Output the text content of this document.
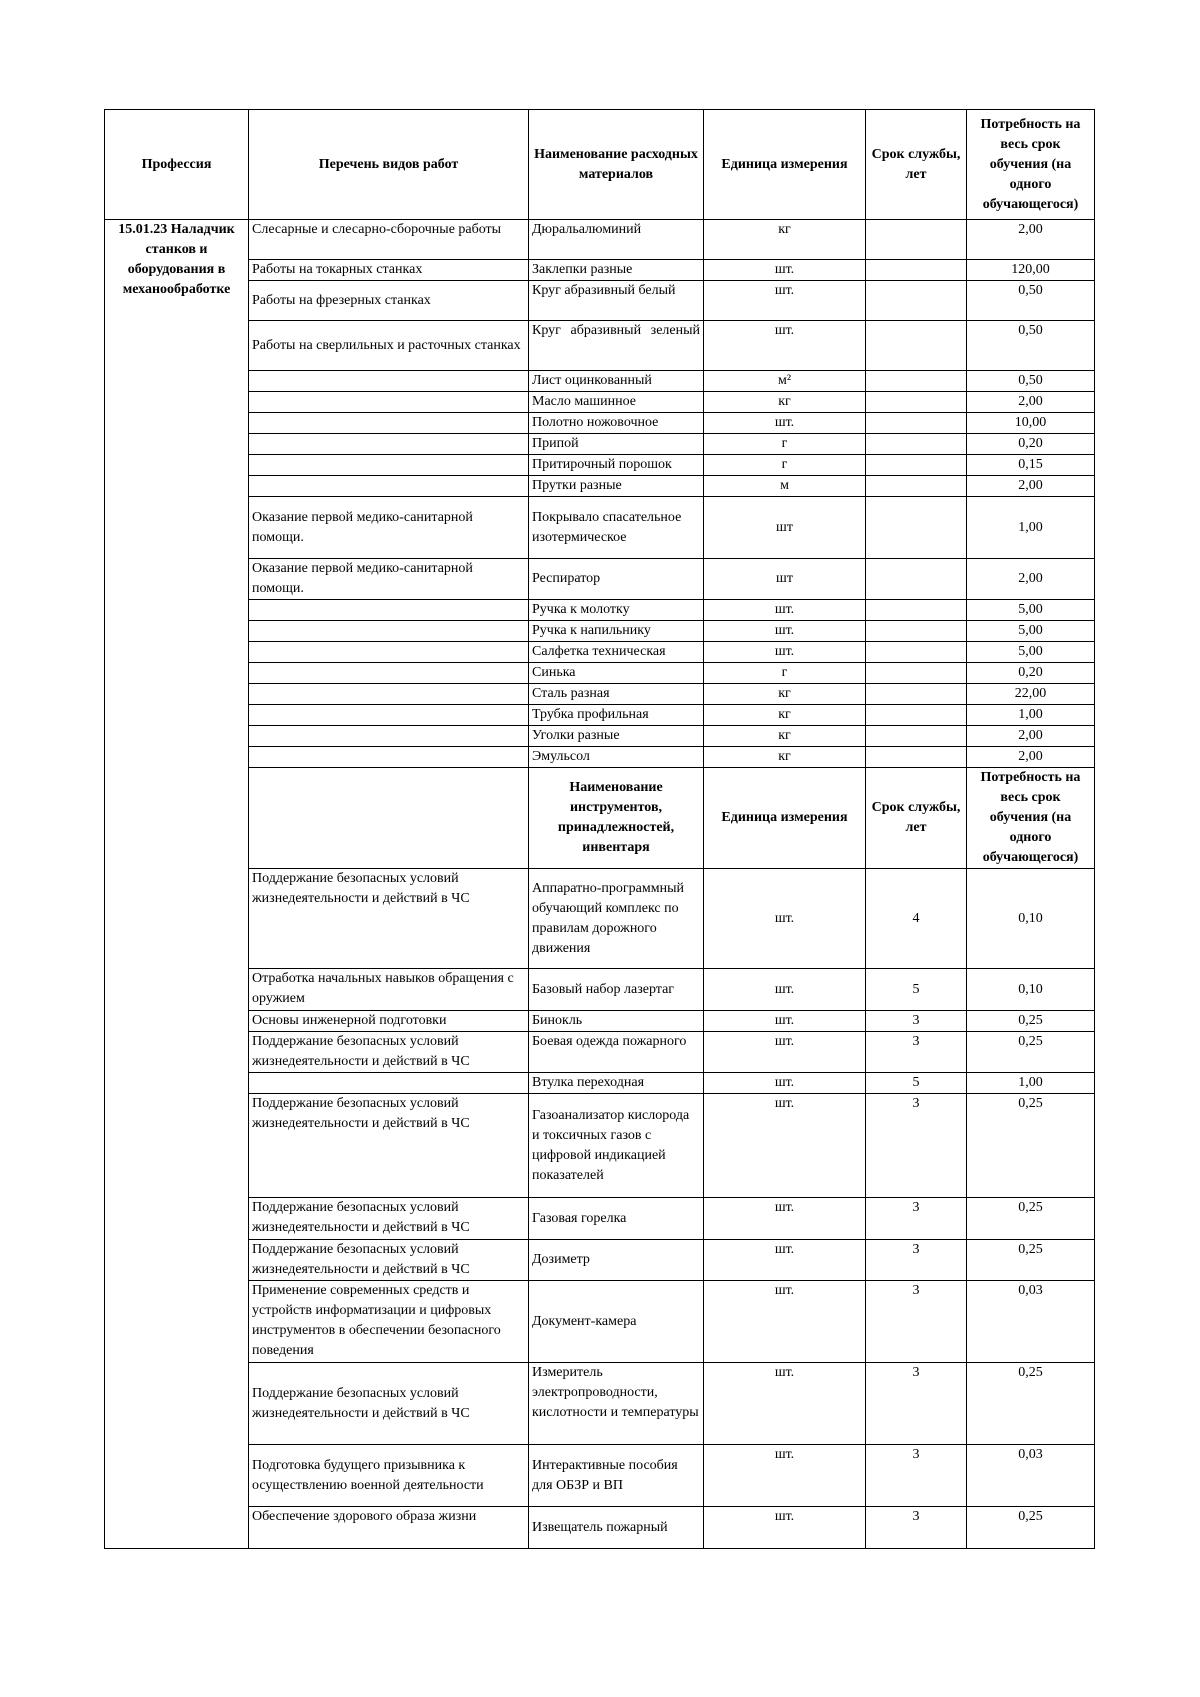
Профессия	Перечень видов работ	Наименование расходных материалов	Единица измерения	Срок службы, лет	Потребность на весь срок обучения (на одного обучающегося)
15.01.23 Наладчик станков и оборудования в механообработке	Слесарные и слесарно-сборочные работы	Дюральалюминий	кг		2,00
	Работы на токарных станках	Заклепки разные	шт.		120,00
	Работы на фрезерных станках	Круг абразивный белый	шт.		0,50
	Работы на сверлильных и расточных станках	Круг абразивный зеленый	шт.		0,50
		Лист оцинкованный	м²		0,50
		Масло машинное	кг		2,00
		Полотно ножовочное	шт.		10,00
		Припой	г		0,20
		Притирочный порошок	г		0,15
		Прутки разные	м		2,00
	Оказание первой медико-санитарной помощи.	Покрывало спасательное изотермическое	шт		1,00
	Оказание первой медико-санитарной помощи.	Респиратор	шт		2,00
		Ручка к молотку	шт.		5,00
		Ручка к напильнику	шт.		5,00
		Салфетка техническая	шт.		5,00
		Синька	г		0,20
		Сталь разная	кг		22,00
		Трубка профильная	кг		1,00
		Уголки разные	кг		2,00
		Эмульсол	кг		2,00
		Наименование инструментов, принадлежностей, инвентаря	Единица измерения	Срок службы, лет	Потребность на весь срок обучения (на одного обучающегося)
	Поддержание безопасных условий жизнедеятельности и действий в ЧС	Аппаратно-программный обучающий комплекс по правилам дорожного движения	шт.	4	0,10
	Отработка начальных навыков обращения с оружием	Базовый набор лазертаг	шт.	5	0,10
	Основы инженерной подготовки	Бинокль	шт.	3	0,25
	Поддержание безопасных условий жизнедеятельности и действий в ЧС	Боевая одежда пожарного	шт.	3	0,25
		Втулка переходная	шт.	5	1,00
	Поддержание безопасных условий жизнедеятельности и действий в ЧС	Газоанализатор кислорода и токсичных газов с цифровой индикацией показателей	шт.	3	0,25
	Поддержание безопасных условий жизнедеятельности и действий в ЧС	Газовая горелка	шт.	3	0,25
	Поддержание безопасных условий жизнедеятельности и действий в ЧС	Дозиметр	шт.	3	0,25
	Применение современных средств и устройств информатизации и цифровых инструментов в обеспечении безопасного поведения	Документ-камера	шт.	3	0,03
	Поддержание безопасных условий жизнедеятельности и действий в ЧС	Измеритель электропроводности, кислотности и температуры	шт.	3	0,25
	Подготовка будущего призывника к осуществлению военной деятельности	Интерактивные пособия для ОБЗР и ВП	шт.	3	0,03
	Обеспечение здорового образа жизни	Извещатель пожарный	шт.	3	0,25
